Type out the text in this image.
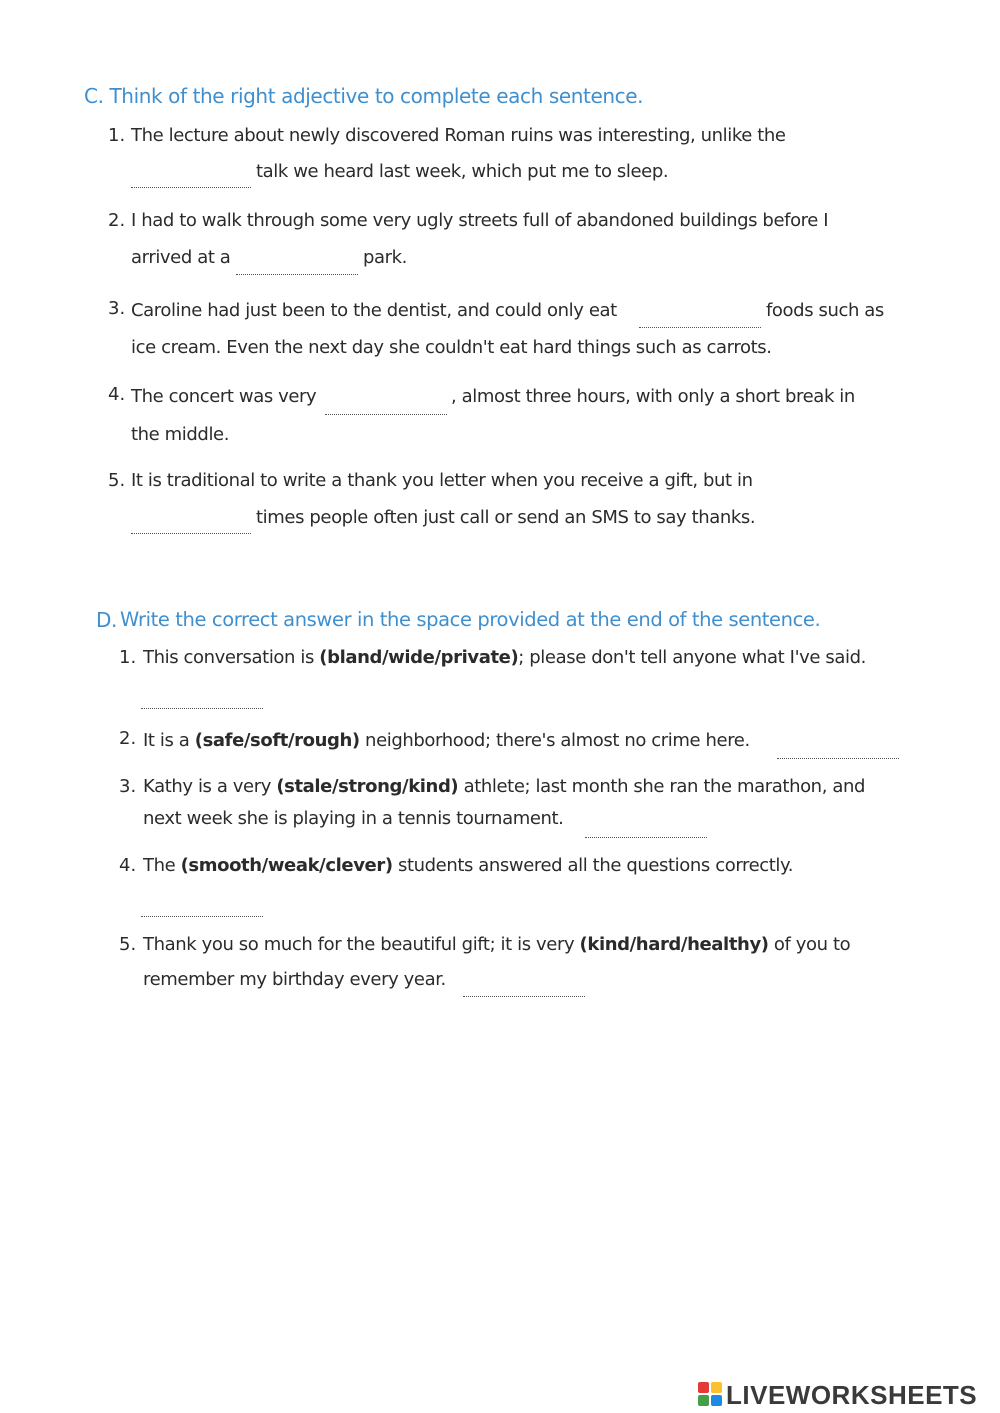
C. Think of the right adjective to complete each sentence.
1. The lecture about newly discovered Roman ruins was interesting, unlike the
talk we heard last week, which put me to sleep.
2. I had to walk through some very ugly streets full of abandoned buildings before I
arrived at a	park.
3. Caroline had just been to the dentist, and could only eat	foods such as
ice cream. Even the next day she couldn't eat hard things such as carrots.
4. The concert was very	, almost three hours, with only a short break in
the middle.
5. It is traditional to write a thank you letter when you receive a gift, but in
times people often just call or send an SMS to say thanks.
D. Write the correct answer in the space provided at the end of the sentence.
1. This conversation is (bland/wide/private); please don't tell anyone what I've said.
2. It is a (safe/soft/rough) neighborhood; there's almost no crime here.
3. Kathy is a very (stale/strong/kind) athlete; last month she ran the marathon, and
next week she is playing in a tennis tournament.
4. The (smooth/weak/clever) students answered all the questions correctly.
5. Thank you so much for the beautiful gift; it is very (kind/hard/healthy) of you to
remember my birthday every year.
LIVEWORKSHEETS
